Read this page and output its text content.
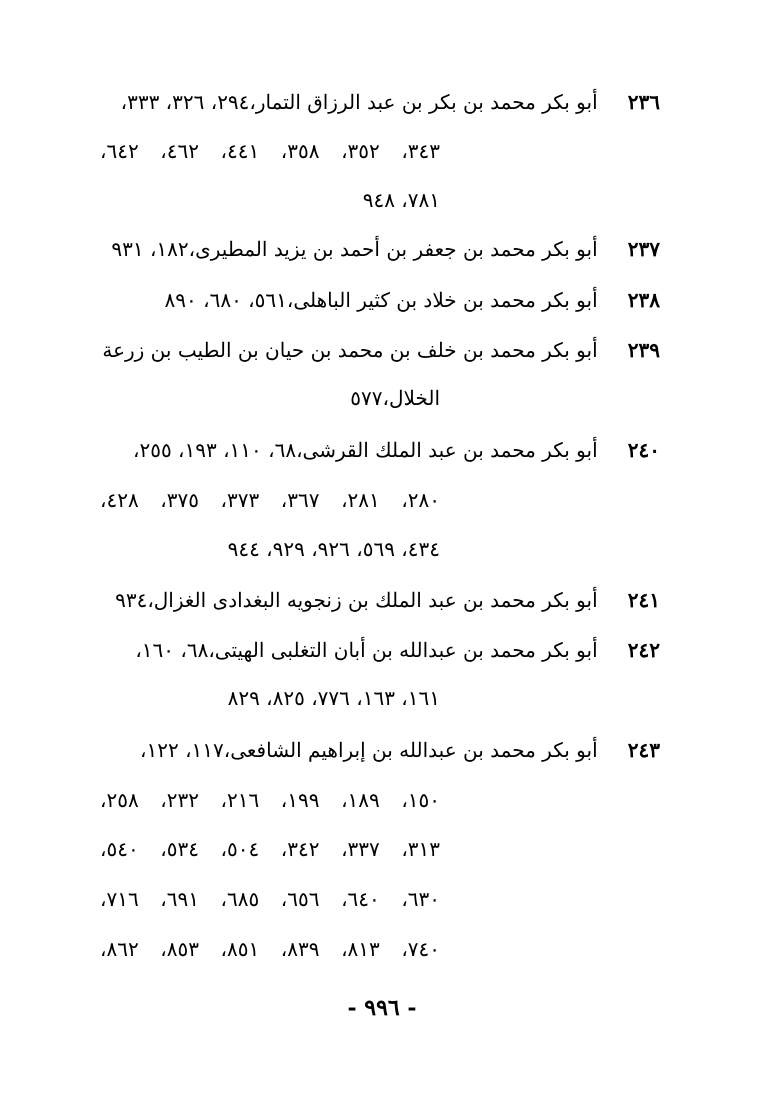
٢٣٦ أبو بكر محمد بن بكر بن عبد الرزاق التمار،٢٩٤، ٣٢٦، ٣٣٣،
٣٤٣، ٣٥٢، ٣٥٨، ٤٤١، ٤٦٢، ٦٤٢،
٧٨١، ٩٤٨
٢٣٧ أبو بكر محمد بن جعفر بن أحمد بن يزيد المطيرى،١٨٢، ٩٣١
٢٣٨ أبو بكر محمد بن خلاد بن كثير الباهلى،٥٦١، ٦٨٠، ٨٩٠
٢٣٩ أبو بكر محمد بن خلف بن محمد بن حيان بن الطيب بن زرعة
الخلال،٥٧٧
٢٤٠ أبو بكر محمد بن عبد الملك القرشى،٦٨، ١١٠، ١٩٣، ٢٥٥،
٢٨٠، ٢٨١، ٣٦٧، ٣٧٣، ٣٧٥، ٤٢٨،
٤٣٤، ٥٦٩، ٩٢٦، ٩٢٩، ٩٤٤
٢٤١ أبو بكر محمد بن عبد الملك بن زنجويه البغدادى الغزال،٩٣٤
٢٤٢ أبو بكر محمد بن عبدالله بن أبان التغلبى الهيتى،٦٨، ١٦٠،
١٦١، ١٦٣، ٧٧٦، ٨٢٥، ٨٢٩
٢٤٣ أبو بكر محمد بن عبدالله بن إبراهيم الشافعى،١١٧، ١٢٢،
١٥٠، ١٨٩، ١٩٩، ٢١٦، ٢٣٢، ٢٥٨،
٣١٣، ٣٣٧، ٣٤٢، ٥٠٤، ٥٣٤، ٥٤٠،
٦٣٠، ٦٤٠، ٦٥٦، ٦٨٥، ٦٩١، ٧١٦،
٧٤٠، ٨١٣، ٨٣٩، ٨٥١، ٨٥٣، ٨٦٢،
- ٩٩٦ -
